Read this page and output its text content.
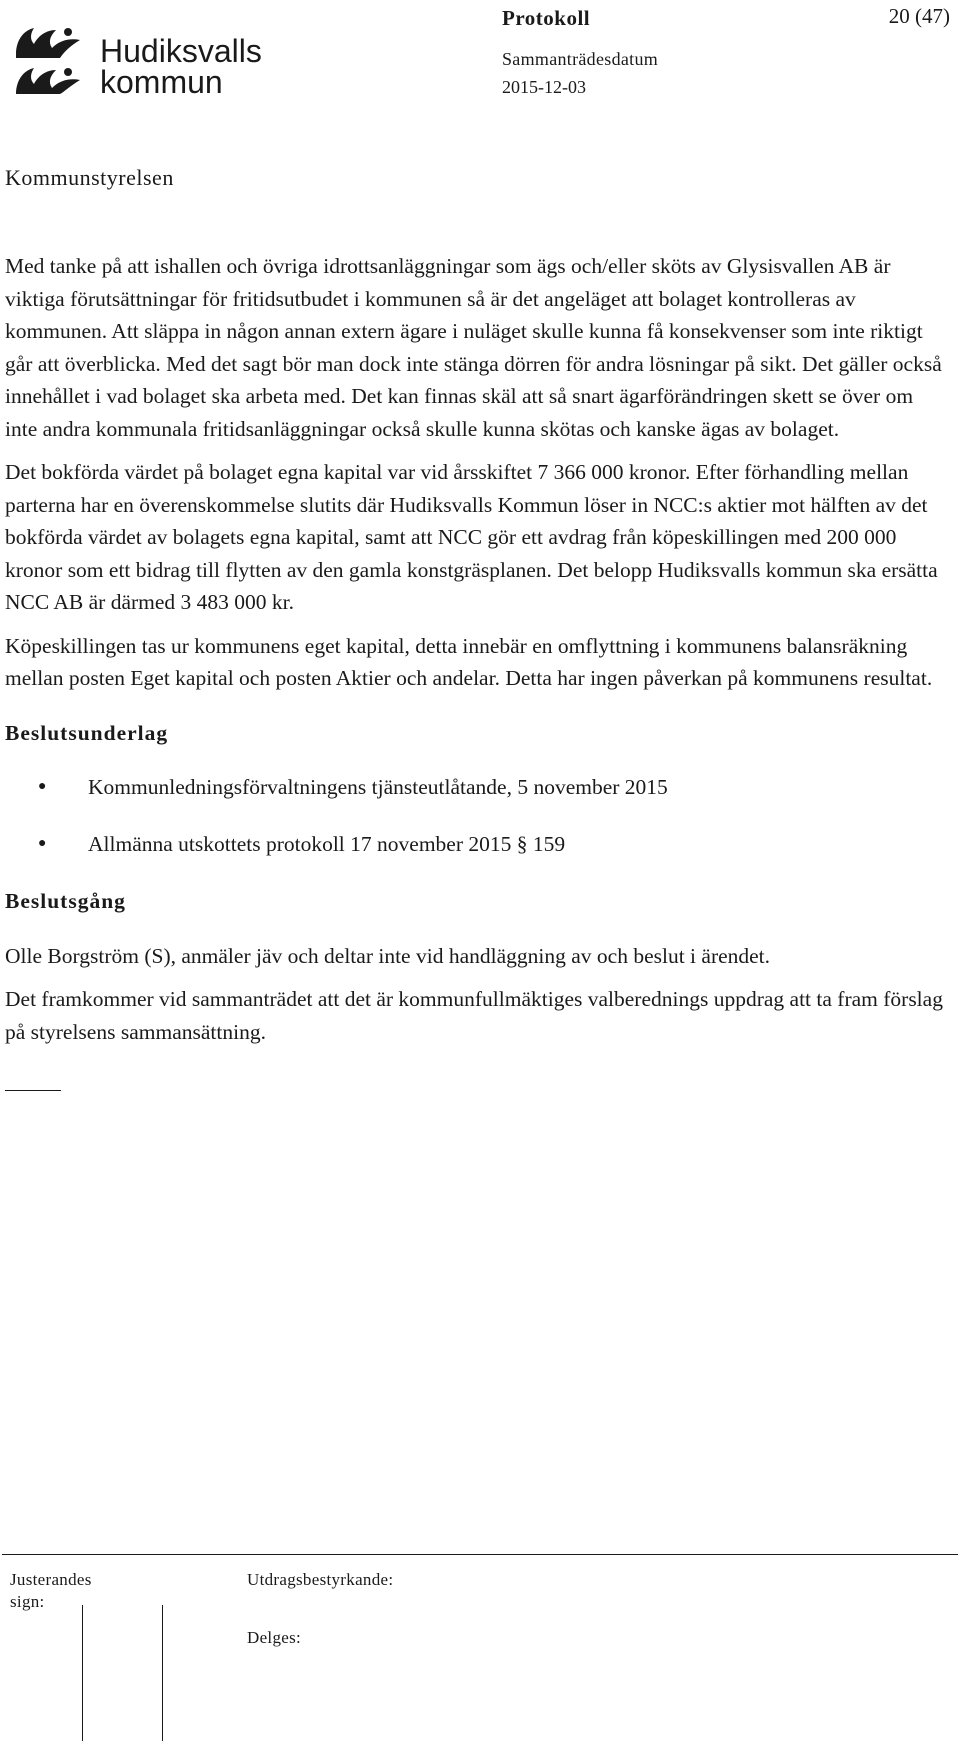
Hudiksvalls
kommun
Protokoll	20 (47)
Sammanträdesdatum
2015-12-03
Kommunstyrelsen

Med tanke på att ishallen och övriga idrottsanläggningar som ägs och/eller sköts av Glysisvallen AB är viktiga förutsättningar för fritidsutbudet i kommunen så är det angeläget att bolaget kontrolleras av kommunen. Att släppa in någon annan extern ägare i nuläget skulle kunna få konsekvenser som inte riktigt går att överblicka. Med det sagt bör man dock inte stänga dörren för andra lösningar på sikt. Det gäller också innehållet i vad bolaget ska arbeta med. Det kan finnas skäl att så snart ägarförändringen skett se över om inte andra kommunala fritidsanläggningar också skulle kunna skötas och kanske ägas av bolaget.

Det bokförda värdet på bolaget egna kapital var vid årsskiftet 7 366 000 kronor. Efter förhandling mellan parterna har en överenskommelse slutits där Hudiksvalls Kommun löser in NCC:s aktier mot hälften av det bokförda värdet av bolagets egna kapital, samt att NCC gör ett avdrag från köpeskillingen med 200 000 kronor som ett bidrag till flytten av den gamla konstgräsplanen. Det belopp Hudiksvalls kommun ska ersätta NCC AB är därmed 3 483 000 kr.

Köpeskillingen tas ur kommunens eget kapital, detta innebär en omflyttning i kommunens balansräkning mellan posten Eget kapital och posten Aktier och andelar. Detta har ingen påverkan på kommunens resultat.

Beslutsunderlag

● Kommunledningsförvaltningens tjänsteutlåtande, 5 november 2015
● Allmänna utskottets protokoll 17 november 2015 § 159

Beslutsgång

Olle Borgström (S), anmäler jäv och deltar inte vid handläggning av och beslut i ärendet.

Det framkommer vid sammanträdet att det är kommunfullmäktiges valberednings uppdrag att ta fram förslag på styrelsens sammansättning.

Justerandes sign:
Utdragsbestyrkande:
Delges:
